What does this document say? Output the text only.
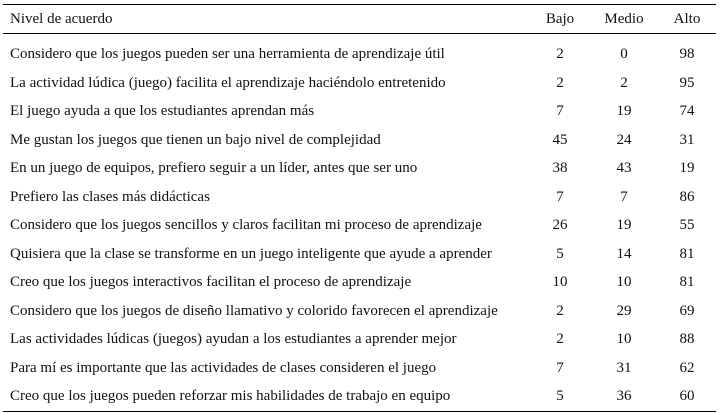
Nivel de acuerdo	Bajo	Medio	Alto
Considero que los juegos pueden ser una herramienta de aprendizaje útil	2	0	98
La actividad lúdica (juego) facilita el aprendizaje haciéndolo entretenido	2	2	95
El juego ayuda a que los estudiantes aprendan más	7	19	74
Me gustan los juegos que tienen un bajo nivel de complejidad	45	24	31
En un juego de equipos, prefiero seguir a un líder, antes que ser uno	38	43	19
Prefiero las clases más didácticas	7	7	86
Considero que los juegos sencillos y claros facilitan mi proceso de aprendizaje	26	19	55
Quisiera que la clase se transforme en un juego inteligente que ayude a aprender	5	14	81
Creo que los juegos interactivos facilitan el proceso de aprendizaje	10	10	81
Considero que los juegos de diseño llamativo y colorido favorecen el aprendizaje	2	29	69
Las actividades lúdicas (juegos) ayudan a los estudiantes a aprender mejor	2	10	88
Para mí es importante que las actividades de clases consideren el juego	7	31	62
Creo que los juegos pueden reforzar mis habilidades de trabajo en equipo	5	36	60
